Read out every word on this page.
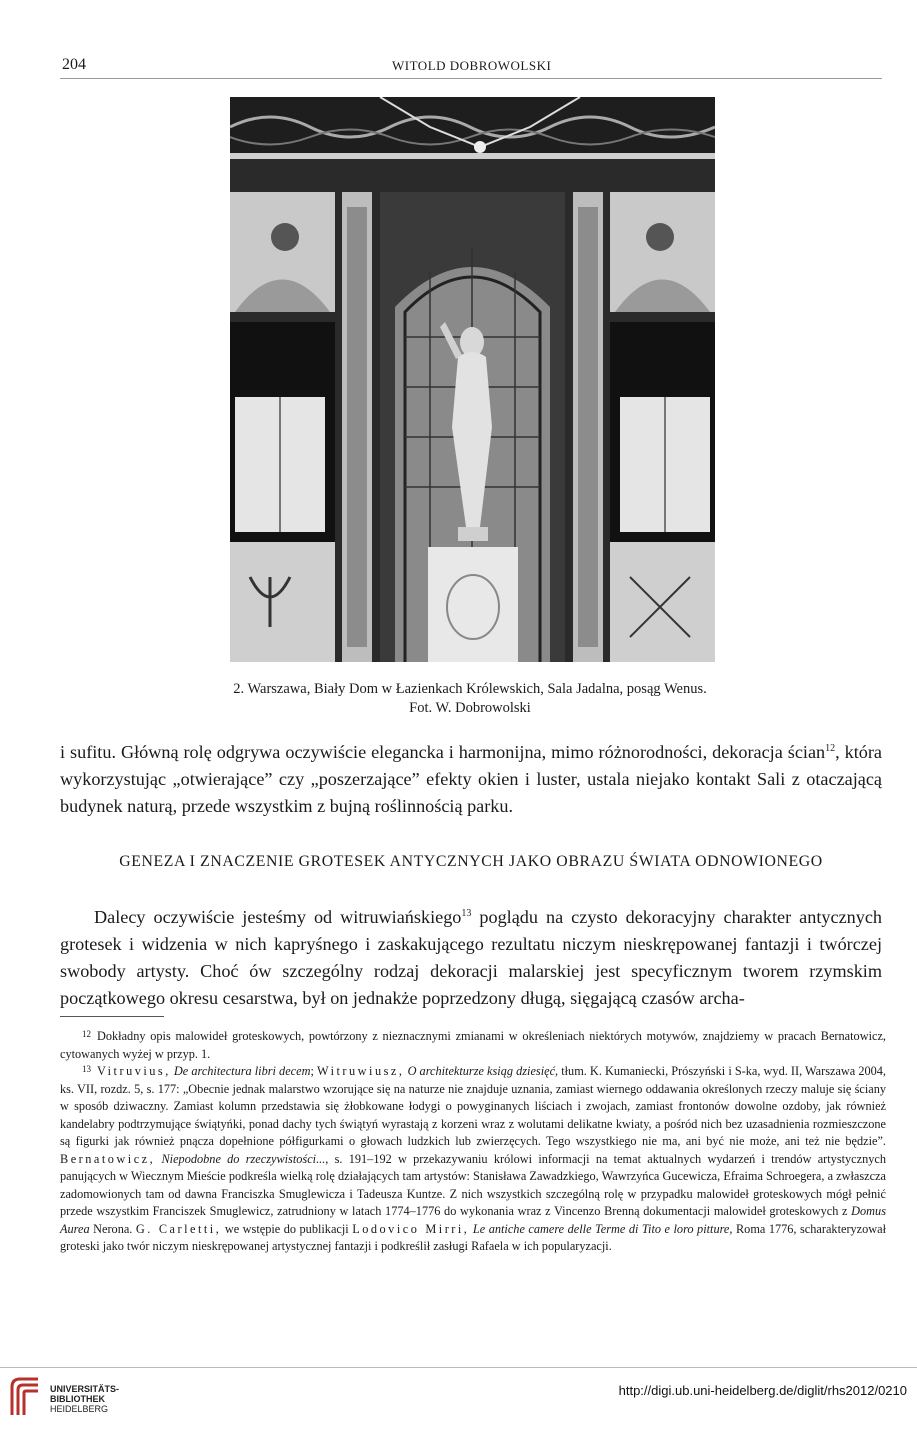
204	WITOLD DOBROWOLSKI
2. Warszawa, Biały Dom w Łazienkach Królewskich, Sala Jadalna, posąg Wenus.
Fot. W. Dobrowolski

i sufitu. Główną rolę odgrywa oczywiście elegancka i harmonijna, mimo różnorodności, dekoracja ścian$^{12}$, która wykorzystując „otwierające” czy „poszerzające” efekty okien i luster, ustala niejako kontakt Sali z otaczającą budynek naturą, przede wszystkim z bujną roślinnością parku.

GENEZA I ZNACZENIE GROTESEK ANTYCZNYCH JAKO OBRAZU ŚWIATA ODNOWIONEGO

Dalecy oczywiście jesteśmy od witruwiańskiego$^{13}$ poglądu na czysto dekoracyjny charakter antycznych grotesek i widzenia w nich kapryśnego i zaskakującego rezultatu niczym nieskrępowanej fantazji i twórczej swobody artysty. Choć ów szczególny rodzaj dekoracji malarskiej jest specyficznym tworem rzymskim początkowego okresu cesarstwa, był on jednakże poprzedzony długą, sięgającą czasów archa-

$^{12}$ Dokładny opis malowideł groteskowych, powtórzony z nieznacznymi zmianami w określeniach niektórych motywów, znajdziemy w pracach Bernatowicz, cytowanych wyżej w przyp. 1.

$^{13}$ Vitruvius, De architectura libri decem; Witruwiusz, O architekturze ksiąg dziesięć, tłum. K. Kumaniecki, Prószyński i S-ka, wyd. II, Warszawa 2004, ks. VII, rozdz. 5, s. 177: „Obecnie jednak malarstwo wzorujące się na naturze nie znajduje uznania, zamiast wiernego oddawania określonych rzeczy maluje się ściany w sposób dziwaczny. Zamiast kolumn przedstawia się żłobkowane łodygi o powyginanych liściach i zwojach, zamiast frontonów dowolne ozdoby, jak również kandelabry podtrzymujące świątyńki, ponad dachy tych świątyń wyrastają z korzeni wraz z wolutami delikatne kwiaty, a pośród nich bez uzasadnienia rozmieszczone są figurki jak również pnącza dopełnione półfigurkami o głowach ludzkich lub zwierzęcych. Tego wszystkiego nie ma, ani być nie może, ani też nie będzie”. Bernatowicz, Niepodobne do rzeczywistości..., s. 191–192 w przekazywaniu królowi informacji na temat aktualnych wydarzeń i trendów artystycznych panujących w Wiecznym Mieście podkreśla wielką rolę działających tam artystów: Stanisława Zawadzkiego, Wawrzyńca Gucewicza, Efraima Schroegera, a zwłaszcza zadomowionych tam od dawna Franciszka Smuglewicza i Tadeusza Kuntze. Z nich wszystkich szczególną rolę w przypadku malowideł groteskowych mógł pełnić przede wszystkim Franciszek Smuglewicz, zatrudniony w latach 1774–1776 do wykonania wraz z Vincenzo Brenną dokumentacji malowideł groteskowych z Domus Aurea Nerona. G. Carletti, we wstępie do publikacji Lodovico Mirri, Le antiche camere delle Terme di Tito e loro pitture, Roma 1776, scharakteryzował groteski jako twór niczym nieskrępowanej artystycznej fantazji i podkreślił zasługi Rafaela w ich popularyzacji.

UNIVERSITÄTS-
BIBLIOTHEK
HEIDELBERG
http://digi.ub.uni-heidelberg.de/diglit/rhs2012/0210
